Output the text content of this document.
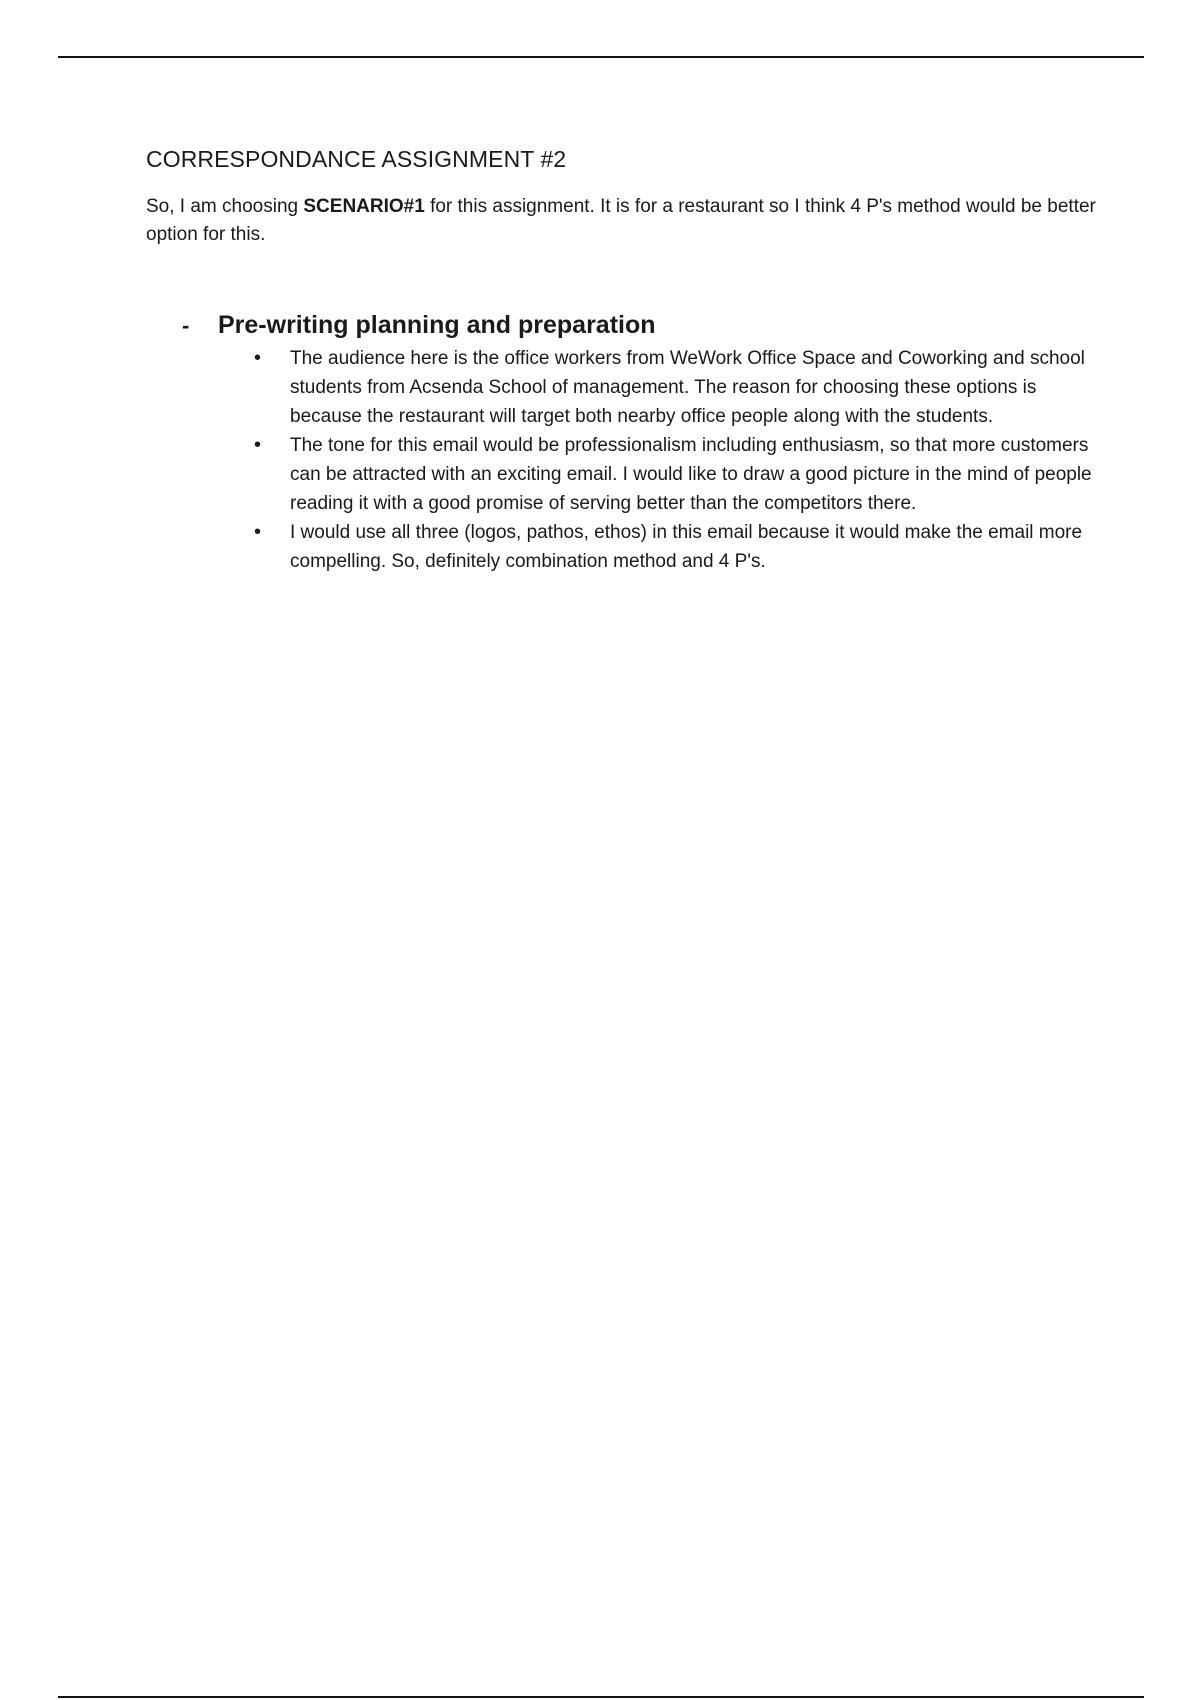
CORRESPONDANCE ASSIGNMENT #2

So, I am choosing SCENARIO#1 for this assignment. It is for a restaurant so I think 4 P's method would be better option for this.

-	Pre-writing planning and preparation
•	The audience here is the office workers from WeWork Office Space and Coworking and school students from Acsenda School of management. The reason for choosing these options is because the restaurant will target both nearby office people along with the students.
•	The tone for this email would be professionalism including enthusiasm, so that more customers can be attracted with an exciting email. I would like to draw a good picture in the mind of people reading it with a good promise of serving better than the competitors there.
•	I would use all three (logos, pathos, ethos) in this email because it would make the email more compelling. So, definitely combination method and 4 P's.
